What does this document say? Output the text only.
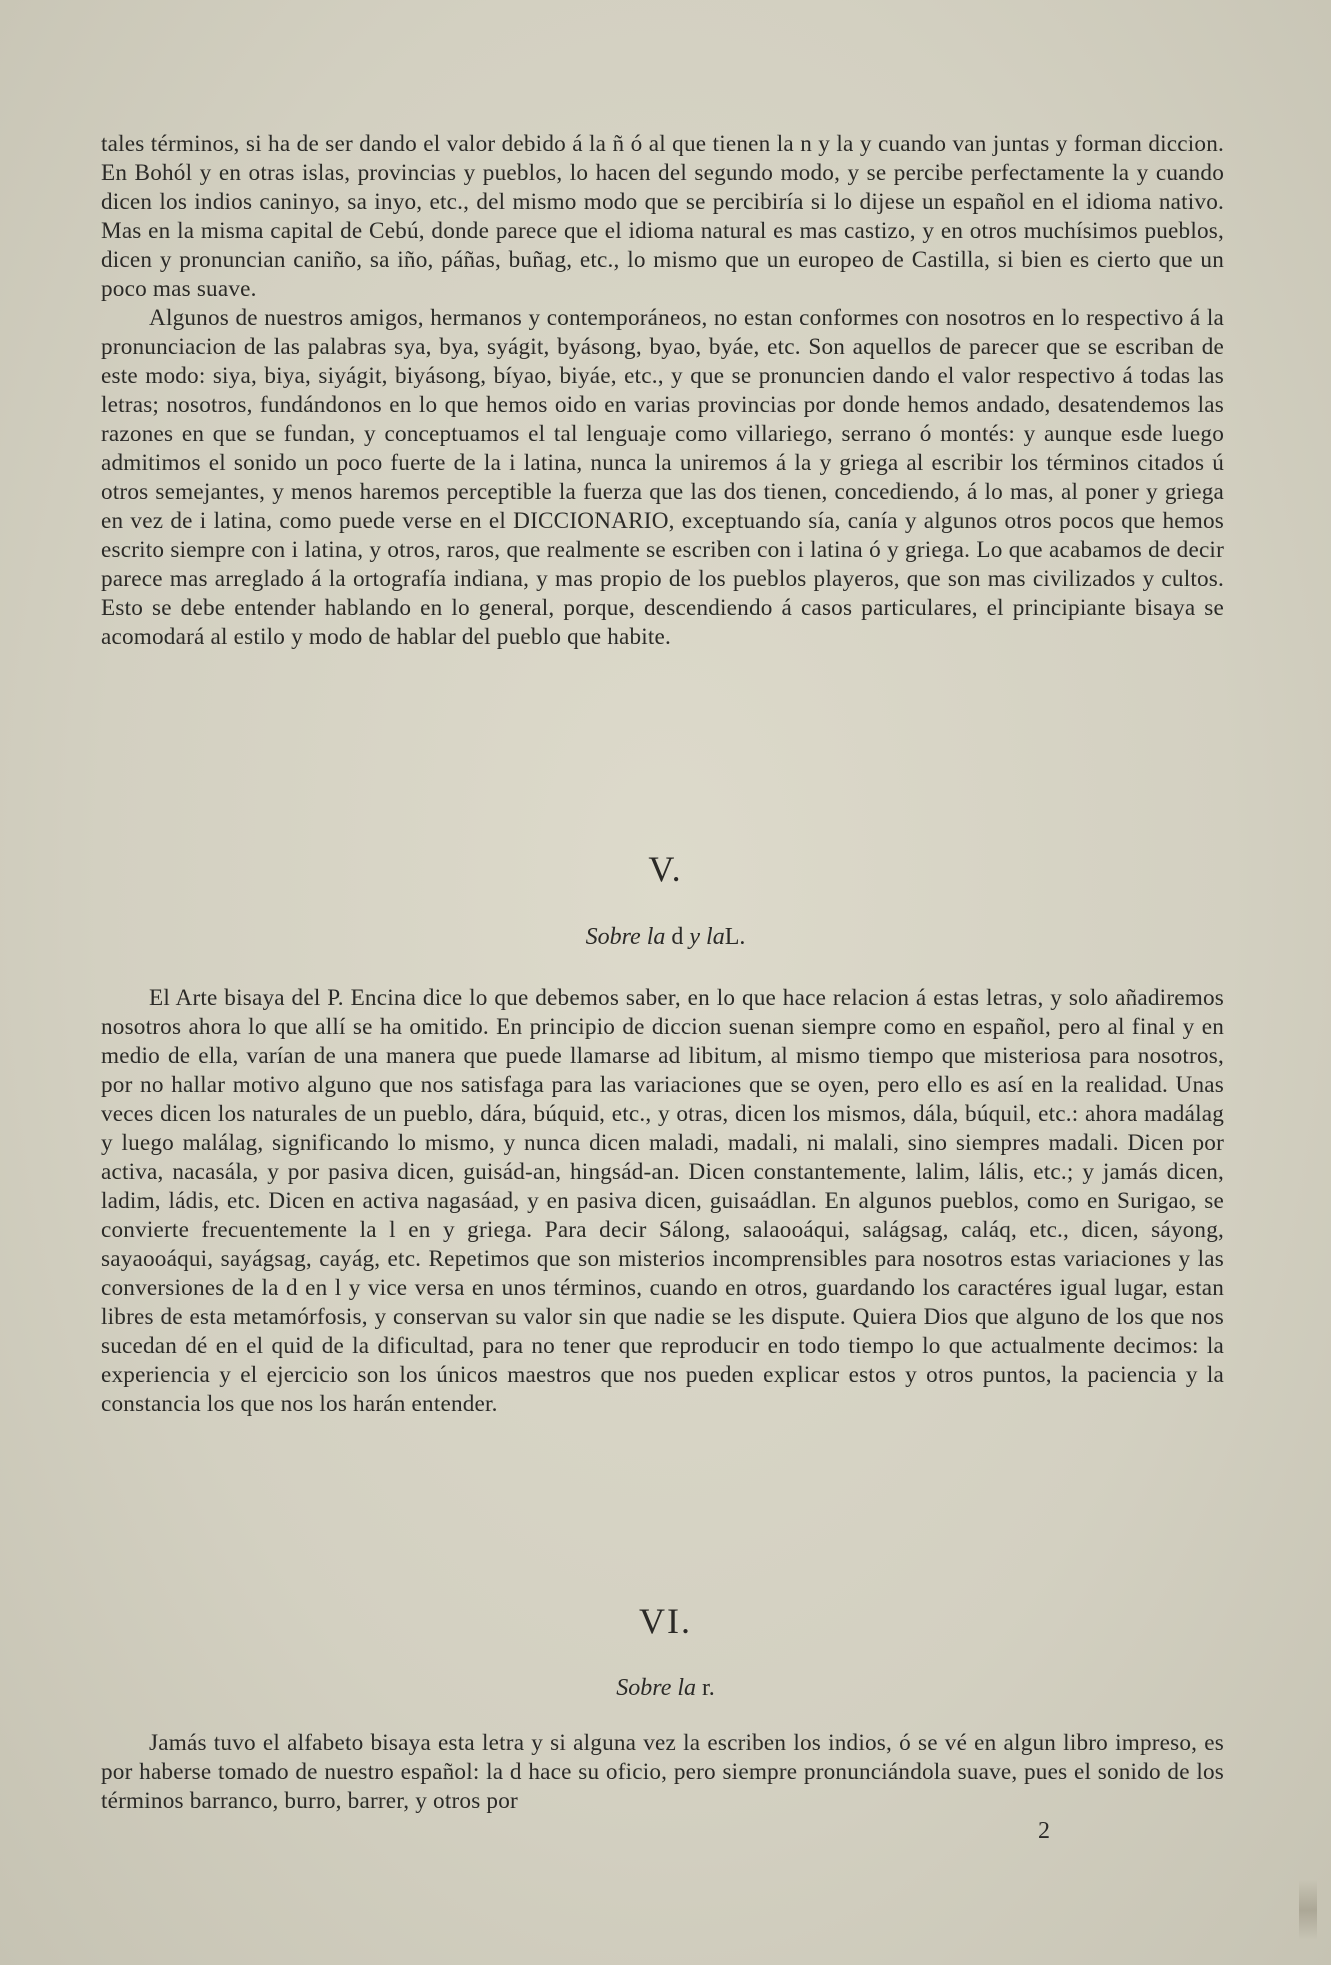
tales términos, si ha de ser dando el valor debido á la ñ ó al que tienen la n y la y cuando van juntas y forman diccion. En Bohól y en otras islas, provincias y pueblos, lo hacen del segundo modo, y se percibe perfectamente la y cuando dicen los indios caninyo, sa inyo, etc., del mismo modo que se percibiría si lo dijese un español en el idioma nativo. Mas en la misma capital de Cebú, donde parece que el idioma natural es mas castizo, y en otros muchísimos pueblos, dicen y pronuncian caniño, sa iño, páñas, buñag, etc., lo mismo que un europeo de Castilla, si bien es cierto que un poco mas suave.

Algunos de nuestros amigos, hermanos y contemporáneos, no estan conformes con nosotros en lo respectivo á la pronunciacion de las palabras sya, bya, syágit, byásong, byao, byáe, etc. Son aquellos de parecer que se escriban de este modo: siya, biya, siyágit, biyásong, bíyao, biyáe, etc., y que se pronuncien dando el valor respectivo á todas las letras; nosotros, fundándonos en lo que hemos oido en varias provincias por donde hemos andado, desatendemos las razones en que se fundan, y conceptuamos el tal lenguaje como villariego, serrano ó montés: y aunque esde luego admitimos el sonido un poco fuerte de la i latina, nunca la uniremos á la y griega al escribir los términos citados ú otros semejantes, y menos haremos perceptible la fuerza que las dos tienen, concediendo, á lo mas, al poner y griega en vez de i latina, como puede verse en el DICCIONARIO, exceptuando sía, canía y algunos otros pocos que hemos escrito siempre con i latina, y otros, raros, que realmente se escriben con i latina ó y griega. Lo que acabamos de decir parece mas arreglado á la ortografía indiana, y mas propio de los pueblos playeros, que son mas civilizados y cultos. Esto se debe entender hablando en lo general, porque, descendiendo á casos particulares, el principiante bisaya se acomodará al estilo y modo de hablar del pueblo que habite.

V.
Sobre la d y laL.

El Arte bisaya del P. Encina dice lo que debemos saber, en lo que hace relacion á estas letras, y solo añadiremos nosotros ahora lo que allí se ha omitido. En principio de diccion suenan siempre como en español, pero al final y en medio de ella, varían de una manera que puede llamarse ad libitum, al mismo tiempo que misteriosa para nosotros, por no hallar motivo alguno que nos satisfaga para las variaciones que se oyen, pero ello es así en la realidad. Unas veces dicen los naturales de un pueblo, dára, búquid, etc., y otras, dicen los mismos, dála, búquil, etc.: ahora madálag y luego malálag, significando lo mismo, y nunca dicen maladi, madali, ni malali, sino siempres madali. Dicen por activa, nacasála, y por pasiva dicen, guisád-an, hingsád-an. Dicen constantemente, lalim, lális, etc.; y jamás dicen, ladim, ládis, etc. Dicen en activa nagasáad, y en pasiva dicen, guisaádlan. En algunos pueblos, como en Surigao, se convierte frecuentemente la l en y griega. Para decir Sálong, salaooáqui, salágsag, caláq, etc., dicen, sáyong, sayaooáqui, sayágsag, cayág, etc. Repetimos que son misterios incomprensibles para nosotros estas variaciones y las conversiones de la d en l y vice versa en unos términos, cuando en otros, guardando los caractéres igual lugar, estan libres de esta metamórfosis, y conservan su valor sin que nadie se les dispute. Quiera Dios que alguno de los que nos sucedan dé en el quid de la dificultad, para no tener que reproducir en todo tiempo lo que actualmente decimos: la experiencia y el ejercicio son los únicos maestros que nos pueden explicar estos y otros puntos, la paciencia y la constancia los que nos los harán entender.

VI.
Sobre la r.

Jamás tuvo el alfabeto bisaya esta letra y si alguna vez la escriben los indios, ó se vé en algun libro impreso, es por haberse tomado de nuestro español: la d hace su oficio, pero siempre pronunciándola suave, pues el sonido de los términos barranco, burro, barrer, y otros por

2
